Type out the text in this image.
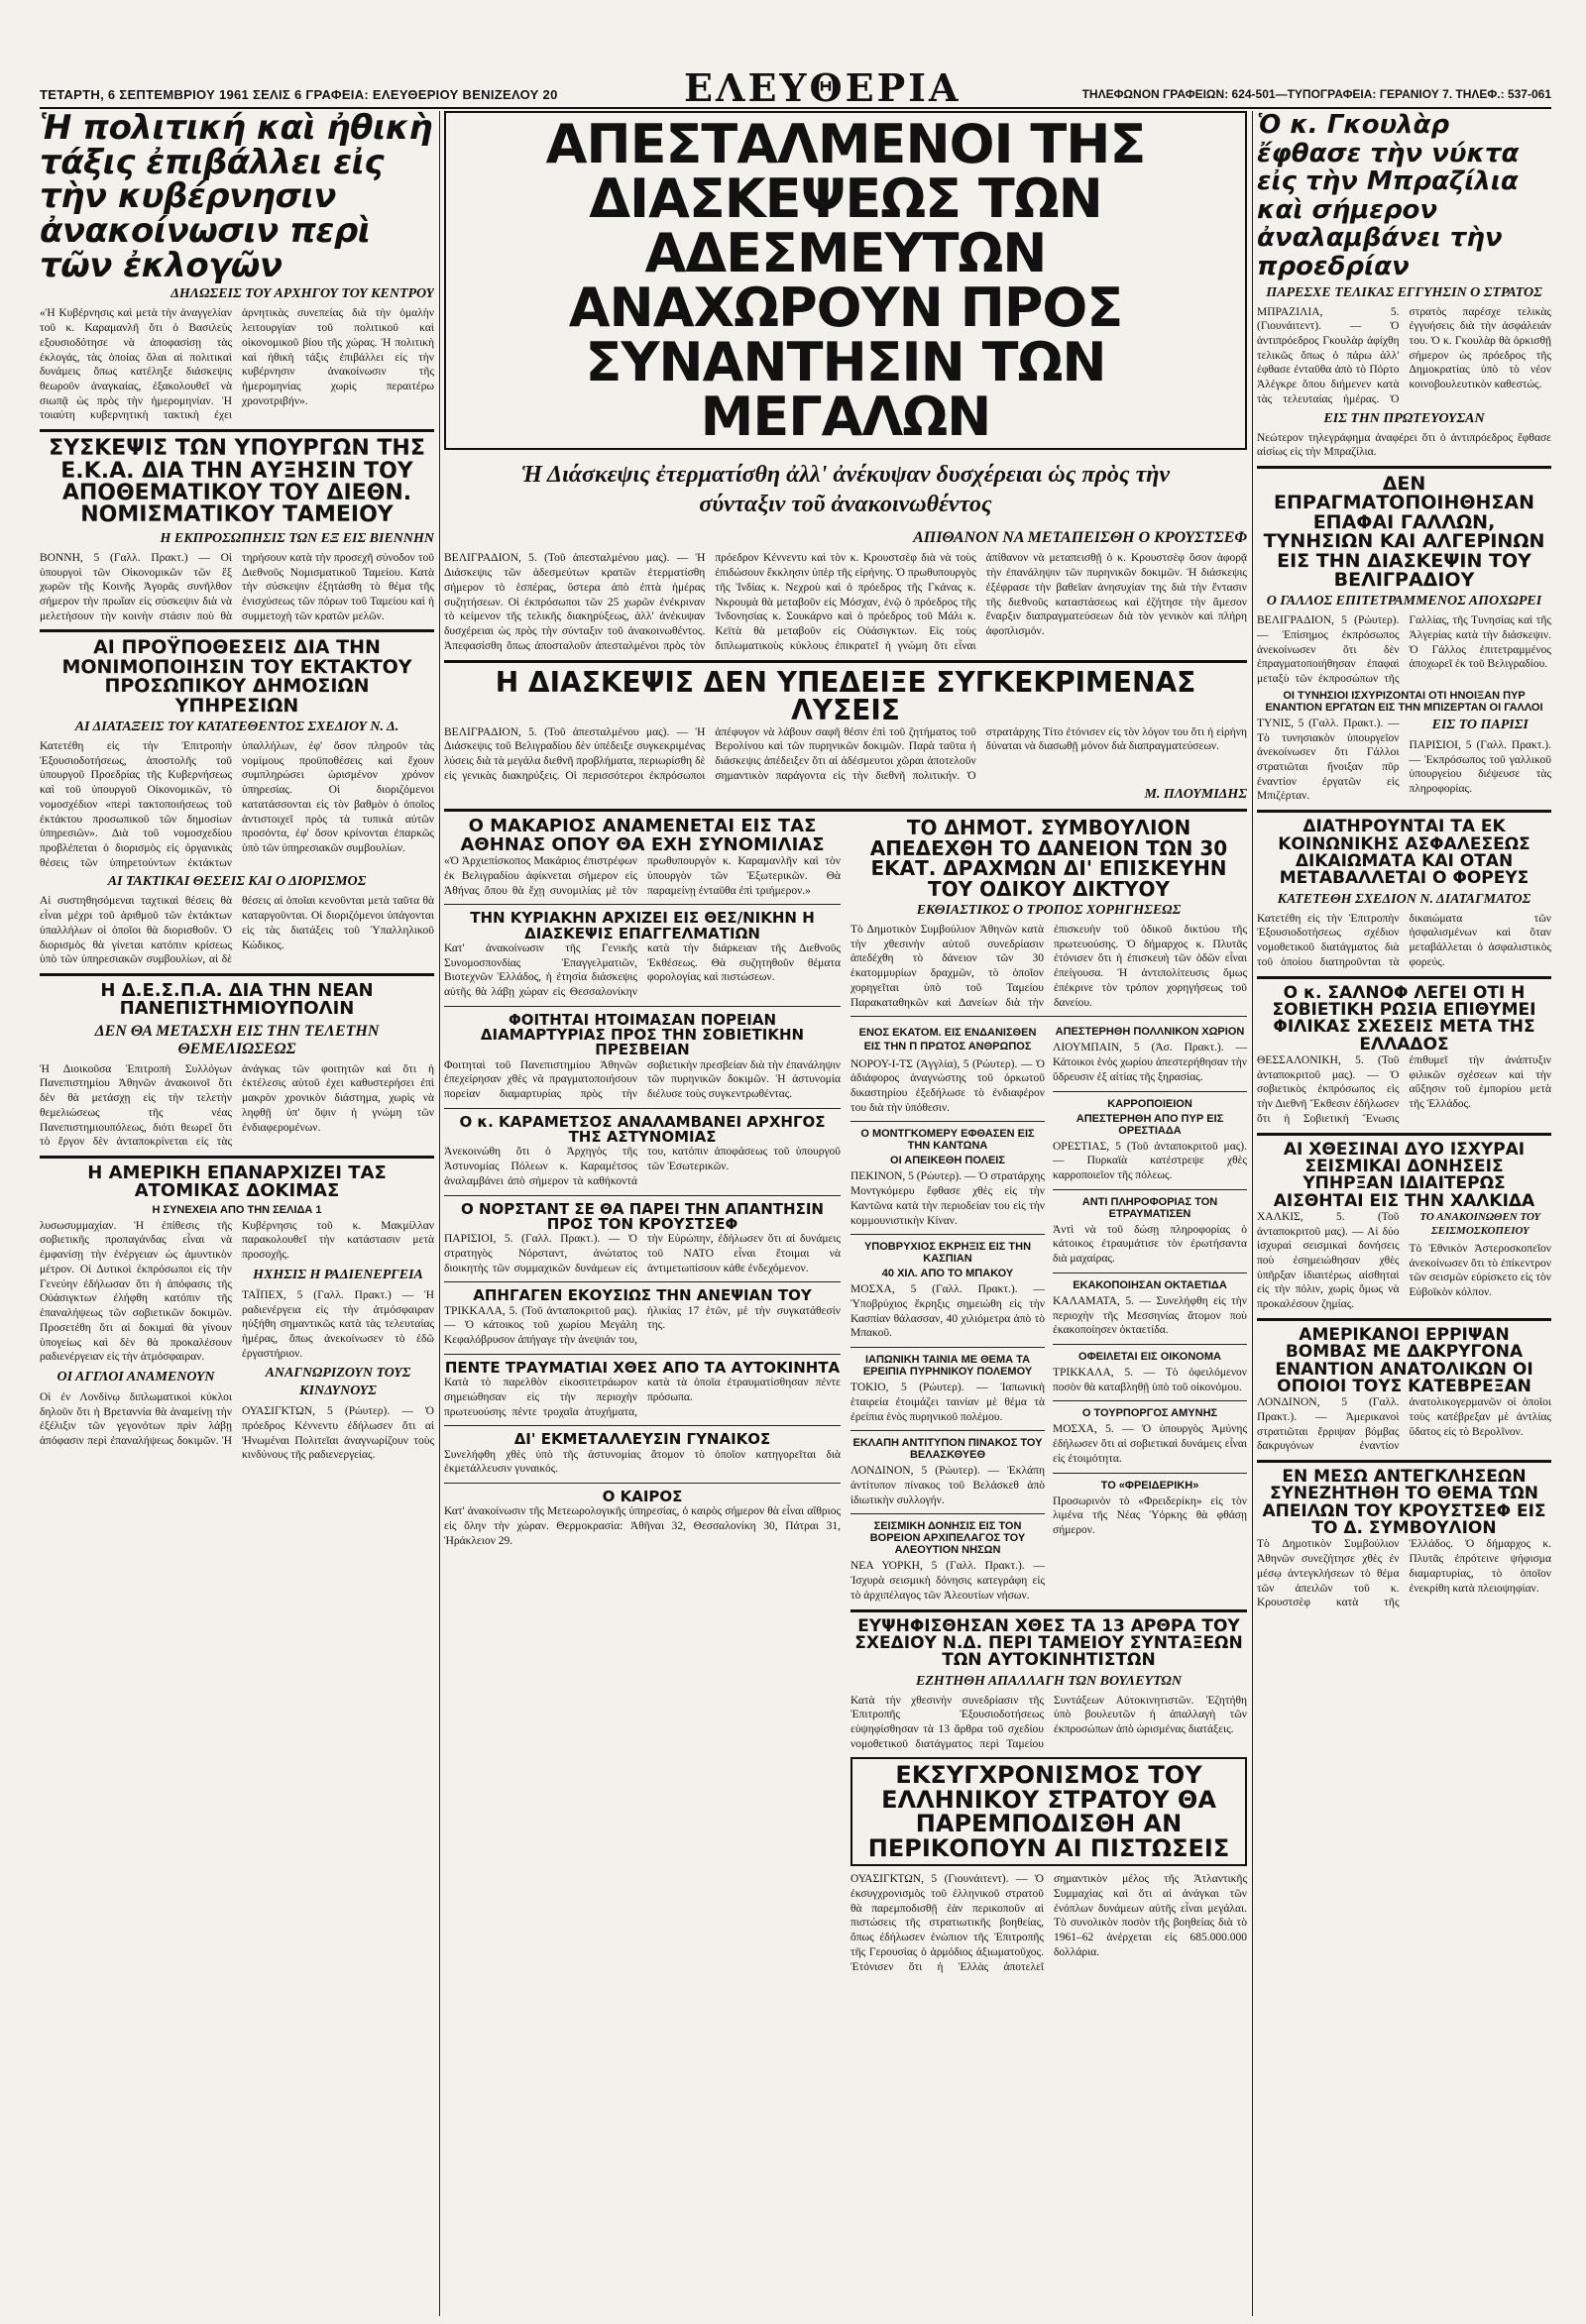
ΤΕΤΑΡΤΗ, 6 ΣΕΠΤΕΜΒΡΙΟΥ 1961 ΣΕΛΙΣ 6 ΓΡΑΦΕΙΑ: ΕΛΕΥΘΕΡΙΟΥ ΒΕΝΙΖΕΛΟΥ 20	ΕΛΕΥΘΕΡΙΑ	ΤΗΛΕΦΩΝΟΝ ΓΡΑΦΕΙΩΝ: 624-501—ΤΥΠΟΓΡΑΦΕΙΑ: ΓΕΡΑΝΙΟΥ 7. ΤΗΛΕΦ.: 537-061
Ἡ πολιτική καὶ ἠθικὴ τάξις ἐπιβάλλει εἰς τὴν κυβέρνησιν ἀνακοίνωσιν περὶ τῶν ἐκλογῶν
ΔΗΛΩΣΕΙΣ ΤΟΥ ΑΡΧΗΓΟΥ ΤΟΥ ΚΕΝΤΡΟΥ
«Ἡ Κυβέρνησις καὶ μετὰ τὴν ἀναγγελίαν τοῦ κ. Καραμανλῆ ὅτι ὁ Βασιλεὺς εξουσιοδότησε νὰ ἀποφασίσῃ τὰς ἐκλογάς, τὰς ὁποίας ὅλαι αἱ πολιτικαὶ δυνάμεις ὅπως κατέληξε διάσκεψις θεωροῦν ἀναγκαίας, ἐξακολουθεῖ νὰ σιωπᾷ ὡς πρὸς τὴν ἡμερομηνίαν. Ἡ τοιαύτη κυβερνητικὴ τακτικὴ ἐχει ἀρνητικὰς συνεπείας διὰ τὴν ὁμαλὴν λειτουργίαν τοῦ πολιτικοῦ καὶ οἰκονομικοῦ βίου τῆς χώρας. Ἡ πολιτικὴ καὶ ἠθικὴ τάξις ἐπιβάλλει εἰς τὴν κυβέρνησιν ἀνακοίνωσιν τῆς ἡμερομηνίας χωρὶς περαιτέρω χρονοτριβήν».
ΣΥΣΚΕΨΙΣ ΤΩΝ ΥΠΟΥΡΓΩΝ ΤΗΣ Ε.Κ.Α. ΔΙΑ ΤΗΝ ΑΥΞΗΣΙΝ ΤΟΥ ΑΠΟΘΕΜΑΤΙΚΟΥ ΤΟΥ ΔΙΕΘΝ. ΝΟΜΙΣΜΑΤΙΚΟΥ ΤΑΜΕΙΟΥ
Η ΕΚΠΡΟΣΩΠΗΣΙΣ ΤΩΝ ΕΞ ΕΙΣ ΒΙΕΝΝΗΝ
ΒΟΝΝΗ, 5 (Γαλλ. Πρακτ.) — Οἱ ὑπουργοὶ τῶν Οἰκονομικῶν τῶν ἓξ χωρῶν τῆς Κοινῆς Ἀγορᾶς συνῆλθον σήμερον τὴν πρωΐαν εἰς σύσκεψιν διὰ νὰ μελετήσουν τὴν κοινὴν στάσιν ποὺ θὰ τηρήσουν κατὰ τὴν προσεχῆ σύνοδον τοῦ Διεθνοῦς Νομισματικοῦ Ταμείου. Κατὰ τὴν σύσκεψιν ἐξητάσθη τὸ θέμα τῆς ἐνισχύσεως τῶν πόρων τοῦ Ταμείου καὶ ἡ συμμετοχὴ τῶν κρατῶν μελῶν.
ΑΙ ΠΡΟΫΠΟΘΕΣΕΙΣ ΔΙΑ ΤΗΝ ΜΟΝΙΜΟΠΟΙΗΣΙΝ ΤΟΥ ΕΚΤΑΚΤΟΥ ΠΡΟΣΩΠΙΚΟΥ ΔΗΜΟΣΙΩΝ ΥΠΗΡΕΣΙΩΝ
ΑΙ ΔΙΑΤΑΞΕΙΣ ΤΟΥ ΚΑΤΑΤΕΘΕΝΤΟΣ ΣΧΕΔΙΟΥ Ν. Δ.
Κατετέθη εἰς τὴν Ἐπιτροπὴν Ἐξουσιοδοτήσεως, ἀποστολῆς τοῦ ὑπουργοῦ Προεδρίας τῆς Κυβερνήσεως καὶ τοῦ ὑπουργοῦ Οἰκονομικῶν, τὸ νομοσχέδιον «περὶ τακτοποιήσεως τοῦ ἐκτάκτου προσωπικοῦ τῶν δημοσίων ὑπηρεσιῶν». Διὰ τοῦ νομοσχεδίου προβλέπεται ὁ διορισμὸς εἰς ὀργανικὰς θέσεις τῶν ὑπηρετούντων ἐκτάκτων ὑπαλλήλων, ἐφ' ὅσον πληροῦν τὰς νομίμους προϋποθέσεις καὶ ἔχουν συμπληρώσει ὡρισμένον χρόνον ὑπηρεσίας. Οἱ διοριζόμενοι κατατάσσονται εἰς τὸν βαθμὸν ὁ ὁποῖος ἀντιστοιχεῖ πρὸς τὰ τυπικὰ αὐτῶν προσόντα, ἐφ' ὅσον κρίνονται ἐπαρκῶς ὑπὸ τῶν ὑπηρεσιακῶν συμβουλίων.
ΑΙ ΤΑΚΤΙΚΑΙ ΘΕΣΕΙΣ ΚΑΙ Ο ΔΙΟΡΙΣΜΟΣ
Αἱ συστηθησόμεναι ταχτικαὶ θέσεις θὰ εἶναι μέχρι τοῦ ἀριθμοῦ τῶν ἐκτάκτων ὑπαλλήλων οἱ ὁποῖοι θὰ διορισθοῦν. Ὁ διορισμὸς θὰ γίνεται κατόπιν κρίσεως ὑπὸ τῶν ὑπηρεσιακῶν συμβουλίων, αἱ δὲ θέσεις αἱ ὁποῖαι κενοῦνται μετὰ ταῦτα θὰ καταργοῦνται. Οἱ διοριζόμενοι ὑπάγονται εἰς τὰς διατάξεις τοῦ Ὑπαλληλικοῦ Κώδικος.
Η Δ.Ε.Σ.Π.Α. ΔΙΑ ΤΗΝ ΝΕΑΝ ΠΑΝΕΠΙΣΤΗΜΙΟΥΠΟΛΙΝ
ΔΕΝ ΘΑ ΜΕΤΑΣΧΗ ΕΙΣ ΤΗΝ ΤΕΛΕΤΗΝ ΘΕΜΕΛΙΩΣΕΩΣ
Ἡ Διοικοῦσα Ἐπιτροπὴ Συλλόγων Πανεπιστημίου Ἀθηνῶν ἀνακοινοῖ ὅτι δὲν θὰ μετάσχῃ εἰς τὴν τελετὴν θεμελιώσεως τῆς νέας Πανεπιστημιουπόλεως, διότι θεωρεῖ ὅτι τὸ ἔργον δὲν ἀνταποκρίνεται εἰς τὰς ἀνάγκας τῶν φοιτητῶν καὶ ὅτι ἡ ἐκτέλεσις αὐτοῦ ἐχει καθυστερήσει ἐπὶ μακρὸν χρονικὸν διάστημα, χωρὶς νὰ ληφθῇ ὑπ' ὄψιν ἡ γνώμη τῶν ἐνδιαφερομένων.
Η ΑΜΕΡΙΚΗ ΕΠΑΝΑΡΧΙΖΕΙ ΤΑΣ ΑΤΟΜΙΚΑΣ ΔΟΚΙΜΑΣ
Η ΣΥΝΕΧΕΙΑ ΑΠΟ ΤΗΝ ΣΕΛΙΔΑ 1

λυσωσυμμαχίαν. Ἡ ἐπίθεσις τῆς σοβιετικῆς προπαγάνδας εἶναι νὰ ἐμφανίσῃ τὴν ἐνέργειαν ὡς ἀμυντικὸν μέτρον. Οἱ Δυτικοὶ ἐκπρόσωποι εἰς τὴν Γενεύην ἐδήλωσαν ὅτι ἡ ἀπόφασις τῆς Οὐάσιγκτων ἐλήφθη κατόπιν τῆς ἐπαναλήψεως τῶν σοβιετικῶν δοκιμῶν. Προσετέθη ὅτι αἱ δοκιμαὶ θὰ γίνουν ὑπογείως καὶ δὲν θὰ προκαλέσουν ραδιενέργειαν εἰς τὴν ἀτμόσφαιραν.

ΟΙ ΑΓΓΛΟΙ ΑΝΑΜΕΝΟΥΝ

Οἱ ἐν Λονδίνῳ διπλωματικοὶ κύκλοι δηλοῦν ὅτι ἡ Βρεταννία θὰ ἀναμείνῃ τὴν ἐξέλιξιν τῶν γεγονότων πρὶν λάβῃ ἀπόφασιν περὶ ἐπαναλήψεως δοκιμῶν. Ἡ Κυβέρνησις τοῦ κ. Μακμίλλαν παρακολουθεῖ τὴν κατάστασιν μετὰ προσοχῆς.

ΗΧΗΣΙΣ Η ΡΑΔΙΕΝΕΡΓΕΙΑ

ΤΑΪΠΕΧ, 5 (Γαλλ. Πρακτ.) — Ἡ ραδιενέργεια εἰς τὴν ἀτμόσφαιραν ηὐξήθη σημαντικῶς κατὰ τὰς τελευταίας ἡμέρας, ὅπως ἀνεκοίνωσεν τὸ ἐδῶ ἐργαστήριον.

ΑΝΑΓΝΩΡΙΖΟΥΝ ΤΟΥΣ ΚΙΝΔΥΝΟΥΣ

ΟΥΑΣΙΓΚΤΩΝ, 5 (Ρώυτερ). — Ὁ πρόεδρος Κέννεντυ ἐδήλωσεν ὅτι αἱ Ἡνωμέναι Πολιτεῖαι ἀναγνωρίζουν τοὺς κινδύνους τῆς ραδιενεργείας.

ΑΠΕΣΤΑΛΜΕΝΟΙ ΤΗΣ ΔΙΑΣΚΕΨΕΩΣ ΤΩΝ ΑΔΕΣΜΕΥΤΩΝ ΑΝΑΧΩΡΟΥΝ ΠΡΟΣ ΣΥΝΑΝΤΗΣΙΝ ΤΩΝ ΜΕΓΑΛΩΝ
Ἡ Διάσκεψις ἐτερματίσθη ἀλλ' ἀνέκυψαν δυσχέρειαι ὡς πρὸς τὴν σύνταξιν τοῦ ἀνακοινωθέντος
ΑΠΙΘΑΝΟΝ ΝΑ ΜΕΤΑΠΕΙΣΘΗ Ο ΚΡΟΥΣΤΣΕΦ
ΒΕΛΙΓΡΑΔΙΟΝ, 5. (Τοῦ ἀπεσταλμένου μας). — Ἡ Διάσκεψις τῶν ἀδεσμεύτων κρατῶν ἐτερματίσθη σήμερον τὸ ἑσπέρας, ὕστερα ἀπὸ ἐπτὰ ἡμέρας συζητήσεων. Οἱ ἐκπρόσωποι τῶν 25 χωρῶν ἐνέκριναν τὸ κείμενον τῆς τελικῆς διακηρύξεως, ἀλλ' ἀνέκυψαν δυσχέρειαι ὡς πρὸς τὴν σύνταξιν τοῦ ἀνακοινωθέντος. Ἀπεφασίσθη ὅπως ἀποσταλοῦν ἀπεσταλμένοι πρὸς τὸν πρόεδρον Κέννεντυ καὶ τὸν κ. Κρουστσὲφ διὰ νὰ τοὺς ἐπιδώσουν ἔκκλησιν ὑπὲρ τῆς εἰρήνης. Ὁ πρωθυπουργὸς τῆς Ἰνδίας κ. Νεχροὺ καὶ ὁ πρόεδρος τῆς Γκάνας κ. Νκρουμὰ θὰ μεταβοῦν εἰς Μόσχαν, ἐνῷ ὁ πρόεδρος τῆς Ἰνδονησίας κ. Σουκάρνο καὶ ὁ πρόεδρος τοῦ Μάλι κ. Κεϊτὰ θὰ μεταβοῦν εἰς Οὐάσιγκτων. Εἰς τοὺς διπλωματικοὺς κύκλους ἐπικρατεῖ ἡ γνώμη ὅτι εἶναι ἀπίθανον νὰ μεταπεισθῇ ὁ κ. Κρουστσὲφ ὅσον ἀφορᾷ τὴν ἐπανάληψιν τῶν πυρηνικῶν δοκιμῶν. Ἡ διάσκεψις ἐξέφρασε τὴν βαθεῖαν ἀνησυχίαν της διὰ τὴν ἔντασιν τῆς διεθνοῦς καταστάσεως καὶ ἐζήτησε τὴν ἄμεσον ἔναρξιν διαπραγματεύσεων διὰ τὸν γενικὸν καὶ πλήρη ἀφοπλισμόν.
Η ΔΙΑΣΚΕΨΙΣ ΔΕΝ ΥΠΕΔΕΙΞΕ ΣΥΓΚΕΚΡΙΜΕΝΑΣ ΛΥΣΕΙΣ
ΒΕΛΙΓΡΑΔΙΟΝ, 5. (Τοῦ ἀπεσταλμένου μας). — Ἡ Διάσκεψις τοῦ Βελιγραδίου δὲν ὑπέδειξε συγκεκριμένας λύσεις διὰ τὰ μεγάλα διεθνῆ προβλήματα, περιωρίσθη δὲ εἰς γενικὰς διακηρύξεις. Οἱ περισσότεροι ἐκπρόσωποι ἀπέφυγον νὰ λάβουν σαφῆ θέσιν ἐπὶ τοῦ ζητήματος τοῦ Βερολίνου καὶ τῶν πυρηνικῶν δοκιμῶν. Παρὰ ταῦτα ἡ διάσκεψις ἀπέδειξεν ὅτι αἱ ἀδέσμευτοι χῶραι ἀποτελοῦν σημαντικὸν παράγοντα εἰς τὴν διεθνῆ πολιτικήν. Ὁ στρατάρχης Τίτο ἐτόνισεν εἰς τὸν λόγον του ὅτι ἡ εἰρήνη δύναται νὰ διασωθῇ μόνον διὰ διαπραγματεύσεων.
Μ. ΠΛΟΥΜΙΔΗΣ
Ο ΜΑΚΑΡΙΟΣ ΑΝΑΜΕΝΕΤΑΙ ΕΙΣ ΤΑΣ ΑΘΗΝΑΣ ΟΠΟΥ ΘΑ ΕΧΗ ΣΥΝΟΜΙΛΙΑΣ
«Ὁ Ἀρχιεπίσκοπος Μακάριος ἐπιστρέφων ἐκ Βελιγραδίου ἀφίκνεται σήμερον εἰς Ἀθήνας ὅπου θὰ ἔχῃ συνομιλίας μὲ τὸν πρωθυπουργὸν κ. Καραμανλῆν καὶ τὸν ὑπουργὸν τῶν Ἐξωτερικῶν. Θὰ παραμείνῃ ἐνταῦθα ἐπὶ τριήμερον.»
ΤΗΝ ΚΥΡΙΑΚΗΝ ΑΡΧΙΖΕΙ ΕΙΣ ΘΕΣ/ΝΙΚΗΝ Η ΔΙΑΣΚΕΨΙΣ ΕΠΑΓΓΕΛΜΑΤΙΩΝ
Κατ' ἀνακοίνωσιν τῆς Γενικῆς Συνομοσπονδίας Ἐπαγγελματιῶν, Βιοτεχνῶν Ἑλλάδος, ἡ ἐτησία διάσκεψις αὐτῆς θὰ λάβῃ χώραν εἰς Θεσσαλονίκην κατὰ τὴν διάρκειαν τῆς Διεθνοῦς Ἐκθέσεως. Θὰ συζητηθοῦν θέματα φορολογίας καὶ πιστώσεων.
ΦΟΙΤΗΤΑΙ ΗΤΟΙΜΑΣΑΝ ΠΟΡΕΙΑΝ ΔΙΑΜΑΡΤΥΡΙΑΣ ΠΡΟΣ ΤΗΝ ΣΟΒΙΕΤΙΚΗΝ ΠΡΕΣΒΕΙΑΝ
Φοιτηταὶ τοῦ Πανεπιστημίου Ἀθηνῶν ἐπεχείρησαν χθὲς νὰ πραγματοποιήσουν πορείαν διαμαρτυρίας πρὸς τὴν σοβιετικὴν πρεσβείαν διὰ τὴν ἐπανάληψιν τῶν πυρηνικῶν δοκιμῶν. Ἡ ἀστυνομία διέλυσε τοὺς συγκεντρωθέντας.
Ο κ. ΚΑΡΑΜΕΤΣΟΣ ΑΝΑΛΑΜΒΑΝΕΙ ΑΡΧΗΓΟΣ ΤΗΣ ΑΣΤΥΝΟΜΙΑΣ
Ἀνεκοινώθη ὅτι ὁ Ἀρχηγὸς τῆς Ἀστυνομίας Πόλεων κ. Καραμέτσος ἀναλαμβάνει ἀπὸ σήμερον τὰ καθήκοντά του, κατόπιν ἀποφάσεως τοῦ ὑπουργοῦ τῶν Ἐσωτερικῶν.
Ο ΝΟΡΣΤΑΝΤ ΣΕ ΘΑ ΠΑΡΕΙ ΤΗΝ ΑΠΑΝΤΗΣΙΝ ΠΡΟΣ ΤΟΝ ΚΡΟΥΣΤΣΕΦ
ΠΑΡΙΣΙΟΙ, 5. (Γαλλ. Πρακτ.). — Ὁ στρατηγὸς Νόρσταντ, ἀνώτατος διοικητὴς τῶν συμμαχικῶν δυνάμεων εἰς τὴν Εὐρώπην, ἐδήλωσεν ὅτι αἱ δυνάμεις τοῦ ΝΑΤΟ εἶναι ἕτοιμαι νὰ ἀντιμετωπίσουν κάθε ἐνδεχόμενον.
ΑΠΗΓΑΓΕΝ ΕΚΟΥΣΙΩΣ ΤΗΝ ΑΝΕΨΙΑΝ ΤΟΥ
ΤΡΙΚΚΑΛΑ, 5. (Τοῦ ἀνταποκριτοῦ μας). — Ὁ κάτοικος τοῦ χωρίου Μεγάλη Κεφαλόβρυσον ἀπήγαγε τὴν ἀνεψιάν του, ἡλικίας 17 ἐτῶν, μὲ τὴν συγκατάθεσίν της.
ΠΕΝΤΕ ΤΡΑΥΜΑΤΙΑΙ ΧΘΕΣ ΑΠΟ ΤΑ ΑΥΤΟΚΙΝΗΤΑ
Κατὰ τὸ παρελθὸν εἰκοσιτετράωρον σημειώθησαν εἰς τὴν περιοχὴν πρωτευούσης πέντε τροχαῖα ἀτυχήματα, κατὰ τὰ ὁποῖα ἐτραυματίσθησαν πέντε πρόσωπα.
ΔΙ' ΕΚΜΕΤΑΛΛΕΥΣΙΝ ΓΥΝΑΙΚΟΣ
Συνελήφθη χθὲς ὑπὸ τῆς ἀστυνομίας ἄτομον τὸ ὁποῖον κατηγορεῖται διὰ ἐκμετάλλευσιν γυναικός.
Ο ΚΑΙΡΟΣ
Κατ' ἀνακοίνωσιν τῆς Μετεωρολογικῆς ὑπηρεσίας, ὁ καιρὸς σήμερον θὰ εἶναι αἴθριος εἰς ὅλην τὴν χώραν. Θερμοκρασία: Ἀθῆναι 32, Θεσσαλονίκη 30, Πάτραι 31, Ἡράκλειον 29.
ΤΟ ΔΗΜΟΤ. ΣΥΜΒΟΥΛΙΟΝ ΑΠΕΔΕΧΘΗ ΤΟ ΔΑΝΕΙΟΝ ΤΩΝ 30 ΕΚΑΤ. ΔΡΑΧΜΩΝ ΔΙ' ΕΠΙΣΚΕΥΗΝ ΤΟΥ ΟΔΙΚΟΥ ΔΙΚΤΥΟΥ
ΕΚΘΙΑΣΤΙΚΟΣ Ο ΤΡΟΠΟΣ ΧΟΡΗΓΗΣΕΩΣ
Τὸ Δημοτικὸν Συμβούλιον Ἀθηνῶν κατὰ τὴν χθεσινὴν αὐτοῦ συνεδρίασιν ἀπεδέχθη τὸ δάνειον τῶν 30 ἑκατομμυρίων δραχμῶν, τὸ ὁποῖον χορηγεῖται ὑπὸ τοῦ Ταμείου Παρακαταθηκῶν καὶ Δανείων διὰ τὴν ἐπισκευὴν τοῦ ὁδικοῦ δικτύου τῆς πρωτευούσης. Ὁ δήμαρχος κ. Πλυτᾶς ἐτόνισεν ὅτι ἡ ἐπισκευὴ τῶν ὁδῶν εἶναι ἐπείγουσα. Ἡ ἀντιπολίτευσις ὅμως ἐπέκρινε τὸν τρόπον χορηγήσεως τοῦ δανείου.
ΕΝΟΣ ΕΚΑΤΟΜ. ΕΙΣ ΕΝΔΑΝΙΣΘΕΝ ΕΙΣ ΤΗΝ Π ΠΡΩΤΟΣ ΑΝΘΡΩΠΟΣ

ΝΟΡΟΥ-Ι-ΤΣ (Ἀγγλία), 5 (Ρώυτερ). — Ὁ ἀδιάφορος ἀναγνώστης τοῦ ὀρκωτοῦ δικαστηρίου ἐξεδήλωσε τὸ ἐνδιαφέρον του διὰ τὴν ὑπόθεσιν.

Ο ΜΟΝΤΓΚΟΜΕΡΥ ΕΦΘΑΣΕΝ ΕΙΣ ΤΗΝ ΚΑΝΤΩΝΑ
ΟΙ ΑΠΕΙΚΕΘΗ ΠΟΛΕΙΣ
ΠΕΚΙΝΟΝ, 5 (Ρώυτερ). — Ὁ στρατάρχης Μοντγκόμερυ ἔφθασε χθὲς εἰς τὴν Καντῶνα κατὰ τὴν περιοδείαν του εἰς τὴν κομμουνιστικὴν Κίναν.
ΥΠΟΒΡΥΧΙΟΣ ΕΚΡΗΞΙΣ ΕΙΣ ΤΗΝ ΚΑΣΠΙΑΝ
40 ΧΙΛ. ΑΠΟ ΤΟ ΜΠΑΚΟΥ
ΜΟΣΧΑ, 5 (Γαλλ. Πρακτ.). — Ὑποβρύχιος ἔκρηξις σημειώθη εἰς τὴν Κασπίαν θάλασσαν, 40 χιλιόμετρα ἀπὸ τὸ Μπακοῦ.
ΙΑΠΩΝΙΚΗ ΤΑΙΝΙΑ ΜΕ ΘΕΜΑ ΤΑ ΕΡΕΙΠΙΑ ΠΥΡΗΝΙΚΟΥ ΠΟΛΕΜΟΥ
ΤΟΚΙΟ, 5 (Ρώυτερ). — Ἰαπωνικὴ ἑταιρεία ἐτοιμάζει ταινίαν μὲ θέμα τὰ ἐρείπια ἑνὸς πυρηνικοῦ πολέμου.
ΕΚΛΑΠΗ ΑΝΤΙΤΥΠΟΝ ΠΙΝΑΚΟΣ ΤΟΥ ΒΕΛΑΣΚΘΥΕΘ
ΛΟΝΔΙΝΟΝ, 5 (Ρώυτερ). — Ἐκλάπη ἀντίτυπον πίνακος τοῦ Βελάσκεθ ἀπὸ ἰδιωτικὴν συλλογήν.
ΣΕΙΣΜΙΚΗ ΔΟΝΗΣΙΣ ΕΙΣ ΤΟΝ ΒΟΡΕΙΟΝ ΑΡΧΙΠΕΛΑΓΟΣ ΤΟΥ ΑΛΕΟΥΤΙΟΝ ΝΗΣΩΝ
ΝΕΑ ΥΟΡΚΗ, 5 (Γαλλ. Πρακτ.). — Ἰσχυρὰ σεισμικὴ δόνησις κατεγράφη εἰς τὸ ἀρχιπέλαγος τῶν Ἀλεουτίων νήσων.
ΑΠΕΣΤΕΡΗΘΗ ΠΟΛΛΝΙΚΟΝ ΧΩΡΙΟΝ
ΛΙΟΥΜΠΑΙΝ, 5 (Ἀσ. Πρακτ.). — Κάτοικοι ἑνὸς χωρίου ἀπεστερήθησαν τὴν ὕδρευσιν ἐξ αἰτίας τῆς ξηρασίας.
ΚΑΡΡΟΠΟΙΕΙΟΝ
ΑΠΕΣΤΕΡΗΘΗ ΑΠΟ ΠΥΡ ΕΙΣ ΟΡΕΣΤΙΑΔΑ
ΟΡΕΣΤΙΑΣ, 5 (Τοῦ ἀνταποκριτοῦ μας). — Πυρκαϊὰ κατέστρεψε χθὲς καρροποιεῖον τῆς πόλεως.
ΑΝΤΙ ΠΛΗΡΟΦΟΡΙΑΣ ΤΟΝ ΕΤΡΑΥΜΑΤΙΣΕΝ
Ἀντὶ νὰ τοῦ δώσῃ πληροφορίας ὁ κάτοικος ἐτραυμάτισε τὸν ἐρωτήσαντα διὰ μαχαίρας.
ΕΚΑΚΟΠΟΙΗΣΑΝ ΟΚΤΑΕΤΙΔΑ
ΚΑΛΑΜΑΤΑ, 5. — Συνελήφθη εἰς τὴν περιοχὴν τῆς Μεσσηνίας ἄτομον ποὺ ἐκακοποίησεν ὀκταετίδα.
ΟΦΕΙΛΕΤΑΙ ΕΙΣ ΟΙΚΟΝΟΜΑ
ΤΡΙΚΚΑΛΑ, 5. — Τὸ ὀφειλόμενον ποσὸν θὰ καταβληθῇ ὑπὸ τοῦ οἰκονόμου.
Ο ΤΟΥΡΠΟΡΓΟΣ ΑΜΥΝΗΣ
ΜΟΣΧΑ, 5. — Ὁ ὑπουργὸς Ἀμύνης ἐδήλωσεν ὅτι αἱ σοβιετικαὶ δυνάμεις εἶναι εἰς ἐτοιμότητα.
ΤΟ «ΦΡΕΙΔΕΡΙΚΗ»
Προσωρινὸν τὸ «Φρειδερίκη» εἰς τὸν λιμένα τῆς Νέας Ὑόρκης θὰ φθάσῃ σήμερον.
ΕΥΨΗΦΙΣΘΗΣΑΝ ΧΘΕΣ ΤΑ 13 ΑΡΘΡΑ ΤΟΥ ΣΧΕΔΙΟΥ Ν.Δ. ΠΕΡΙ ΤΑΜΕΙΟΥ ΣΥΝΤΑΞΕΩΝ ΤΩΝ ΑΥΤΟΚΙΝΗΤΙΣΤΩΝ
ΕΖΗΤΗΘΗ ΑΠΑΛΛΑΓΗ ΤΩΝ ΒΟΥΛΕΥΤΩΝ
Κατὰ τὴν χθεσινὴν συνεδρίασιν τῆς Ἐπιτροπῆς Ἐξουσιοδοτήσεως εὐψηφίσθησαν τὰ 13 ἄρθρα τοῦ σχεδίου νομοθετικοῦ διατάγματος περὶ Ταμείου Συντάξεων Αὐτοκινητιστῶν. Ἐζητήθη ὑπὸ βουλευτῶν ἡ ἀπαλλαγὴ τῶν ἐκπροσώπων ἀπὸ ὡρισμένας διατάξεις.
ΕΚΣΥΓΧΡΟΝΙΣΜΟΣ ΤΟΥ ΕΛΛΗΝΙΚΟΥ ΣΤΡΑΤΟΥ ΘΑ ΠΑΡΕΜΠΟΔΙΣΘΗ ΑΝ ΠΕΡΙΚΟΠΟΥΝ ΑΙ ΠΙΣΤΩΣΕΙΣ
ΟΥΑΣΙΓΚΤΩΝ, 5 (Γιουνάιτεντ). — Ὁ ἐκσυγχρονισμὸς τοῦ ἑλληνικοῦ στρατοῦ θὰ παρεμποδισθῇ ἐὰν περικοποῦν αἱ πιστώσεις τῆς στρατιωτικῆς βοηθείας, ὅπως ἐδήλωσεν ἐνώπιον τῆς Ἐπιτροπῆς τῆς Γερουσίας ὁ ἀρμόδιος ἀξιωματοῦχος. Ἐτόνισεν ὅτι ἡ Ἑλλὰς ἀποτελεῖ σημαντικὸν μέλος τῆς Ἀτλαντικῆς Συμμαχίας καὶ ὅτι αἱ ἀνάγκαι τῶν ἐνόπλων δυνάμεων αὐτῆς εἶναι μεγάλαι. Τὸ συνολικὸν ποσὸν τῆς βοηθείας διὰ τὸ 1961–62 ἀνέρχεται εἰς 685.000.000 δολλάρια.
Ὁ κ. Γκουλὰρ ἔφθασε τὴν νύκτα εἰς τὴν Μπραζίλια καὶ σήμερον ἀναλαμβάνει τὴν προεδρίαν
ΠΑΡΕΣΧΕ ΤΕΛΙΚΑΣ ΕΓΓΥΗΣΙΝ Ο ΣΤΡΑΤΟΣ
ΜΠΡΑΖΙΛΙΑ, 5. (Γιουνάιτεντ). — Ὁ ἀντιπρόεδρος Γκουλὰρ ἀφίχθη τελικῶς ὅπως ὁ πάρω ἀλλ' ἐφθασε ἐνταῦθα ἀπὸ τὸ Πόρτο Ἀλέγκρε ὅπου διήμενεν κατὰ τὰς τελευταίας ἡμέρας. Ὁ στρατὸς παρέσχε τελικὰς ἐγγυήσεις διὰ τὴν ἀσφάλειάν του. Ὁ κ. Γκουλὰρ θὰ ὁρκισθῇ σήμερον ὡς πρόεδρος τῆς Δημοκρατίας ὑπὸ τὸ νέον κοινοβουλευτικὸν καθεστώς.
ΕΙΣ ΤΗΝ ΠΡΩΤΕΥΟΥΣΑΝ
Νεώτερον τηλεγράφημα ἀναφέρει ὅτι ὁ ἀντιπρόεδρος ἔφθασε αἰσίως εἰς τὴν Μπραζίλια.
ΔΕΝ ΕΠΡΑΓΜΑΤΟΠΟΙΗΘΗΣΑΝ ΕΠΑΦΑΙ ΓΑΛΛΩΝ, ΤΥΝΗΣΙΩΝ ΚΑΙ ΑΛΓΕΡΙΝΩΝ ΕΙΣ ΤΗΝ ΔΙΑΣΚΕΨΙΝ ΤΟΥ ΒΕΛΙΓΡΑΔΙΟΥ
Ο ΓΑΛΛΟΣ ΕΠΙΤΕΤΡΑΜΜΕΝΟΣ ΑΠΟΧΩΡΕΙ
ΒΕΛΙΓΡΑΔΙΟΝ, 5 (Ρώυτερ). — Ἐπίσημος ἐκπρόσωπος ἀνεκοίνωσεν ὅτι δὲν ἐπραγματοποιήθησαν ἐπαφαὶ μεταξὺ τῶν ἐκπροσώπων τῆς Γαλλίας, τῆς Τυνησίας καὶ τῆς Ἀλγερίας κατὰ τὴν διάσκεψιν. Ὁ Γάλλος ἐπιτετραμμένος ἀποχωρεῖ ἐκ τοῦ Βελιγραδίου.
ΟΙ ΤΥΝΗΣΙΟΙ ΙΣΧΥΡΙΖΟΝΤΑΙ ΟΤΙ ΗΝΟΙΞΑΝ ΠΥΡ ΕΝΑΝΤΙΟΝ ΕΡΓΑΤΩΝ ΕΙΣ ΤΗΝ ΜΠΙΖΕΡΤΑΝ ΟΙ ΓΑΛΛΟΙ

ΤΥΝΙΣ, 5 (Γαλλ. Πρακτ.). — Τὸ τυνησιακὸν ὑπουργεῖον ἀνεκοίνωσεν ὅτι Γάλλοι στρατιῶται ἤνοιξαν πῦρ ἐναντίον ἐργατῶν εἰς Μπιζέρταν.

ΕΙΣ ΤΟ ΠΑΡΙΣΙ

ΠΑΡΙΣΙΟΙ, 5 (Γαλλ. Πρακτ.). — Ἐκπρόσωπος τοῦ γαλλικοῦ ὑπουργείου διέψευσε τὰς πληροφορίας.

ΔΙΑΤΗΡΟΥΝΤΑΙ ΤΑ ΕΚ ΚΟΙΝΩΝΙΚΗΣ ΑΣΦΑΛΕΣΕΩΣ ΔΙΚΑΙΩΜΑΤΑ ΚΑΙ ΟΤΑΝ ΜΕΤΑΒΑΛΛΕΤΑΙ Ο ΦΟΡΕΥΣ
ΚΑΤΕΤΕΘΗ ΣΧΕΔΙΟΝ Ν. ΔΙΑΤΑΓΜΑΤΟΣ
Κατετέθη εἰς τὴν Ἐπιτροπὴν Ἐξουσιοδοτήσεως σχέδιον νομοθετικοῦ διατάγματος διὰ τοῦ ὁποίου διατηροῦνται τὰ δικαιώματα τῶν ἠσφαλισμένων καὶ ὅταν μεταβάλλεται ὁ ἀσφαλιστικὸς φορεύς.
Ο κ. ΣΑΛΝΟΦ ΛΕΓΕΙ ΟΤΙ Η ΣΟΒΙΕΤΙΚΗ ΡΩΣΙΑ ΕΠΙΘΥΜΕΙ ΦΙΛΙΚΑΣ ΣΧΕΣΕΙΣ ΜΕΤΑ ΤΗΣ ΕΛΛΑΔΟΣ
ΘΕΣΣΑΛΟΝΙΚΗ, 5. (Τοῦ ἀνταποκριτοῦ μας). — Ὁ σοβιετικὸς ἐκπρόσωπος εἰς τὴν Διεθνῆ Ἔκθεσιν ἐδήλωσεν ὅτι ἡ Σοβιετικὴ Ἕνωσις ἐπιθυμεῖ τὴν ἀνάπτυξιν φιλικῶν σχέσεων καὶ τὴν αὔξησιν τοῦ ἐμπορίου μετὰ τῆς Ἑλλάδος.
ΑΙ ΧΘΕΣΙΝΑΙ ΔΥΟ ΙΣΧΥΡΑΙ ΣΕΙΣΜΙΚΑΙ ΔΟΝΗΣΕΙΣ ΥΠΗΡΞΑΝ ΙΔΙΑΙΤΕΡΩΣ ΑΙΣΘΗΤΑΙ ΕΙΣ ΤΗΝ ΧΑΛΚΙΔΑ

ΧΑΛΚΙΣ, 5. (Τοῦ ἀνταποκριτοῦ μας). — Αἱ δύο ἰσχυραὶ σεισμικαὶ δονήσεις ποὺ ἐσημειώθησαν χθὲς ὑπῆρξαν ἰδιαιτέρως αἰσθηταὶ εἰς τὴν πόλιν, χωρὶς ὅμως νὰ προκαλέσουν ζημίας.

ΤΟ ΑΝΑΚΟΙΝΩΘΕΝ ΤΟΥ ΣΕΙΣΜΟΣΚΟΠΕΙΟΥ

Τὸ Ἐθνικὸν Ἀστεροσκοπεῖον ἀνεκοίνωσεν ὅτι τὸ ἐπίκεντρον τῶν σεισμῶν εὑρίσκετο εἰς τὸν Εὐβοϊκὸν κόλπον.

ΑΜΕΡΙΚΑΝΟΙ ΕΡΡΙΨΑΝ ΒΟΜΒΑΣ ΜΕ ΔΑΚΡΥΓΟΝΑ ΕΝΑΝΤΙΟΝ ΑΝΑΤΟΛΙΚΩΝ ΟΙ ΟΠΟΙΟΙ ΤΟΥΣ ΚΑΤΕΒΡΕΞΑΝ
ΛΟΝΔΙΝΟΝ, 5 (Γαλλ. Πρακτ.). — Ἀμερικανοὶ στρατιῶται ἔρριψαν βόμβας δακρυγόνων ἐναντίον ἀνατολικογερμανῶν οἱ ὁποῖοι τοὺς κατέβρεξαν μὲ ἀντλίας ὕδατος εἰς τὸ Βερολῖνον.
ΕΝ ΜΕΣΩ ΑΝΤΕΓΚΛΗΣΕΩΝ ΣΥΝΕΖΗΤΗΘΗ ΤΟ ΘΕΜΑ ΤΩΝ ΑΠΕΙΛΩΝ ΤΟΥ ΚΡΟΥΣΤΣΕΦ ΕΙΣ ΤΟ Δ. ΣΥΜΒΟΥΛΙΟΝ
Τὸ Δημοτικὸν Συμβούλιον Ἀθηνῶν συνεζήτησε χθὲς ἐν μέσῳ ἀντεγκλήσεων τὸ θέμα τῶν ἀπειλῶν τοῦ κ. Κρουστσὲφ κατὰ τῆς Ἑλλάδος. Ὁ δήμαρχος κ. Πλυτᾶς ἐπρότεινε ψήφισμα διαμαρτυρίας, τὸ ὁποῖον ἐνεκρίθη κατὰ πλειοψηφίαν.
